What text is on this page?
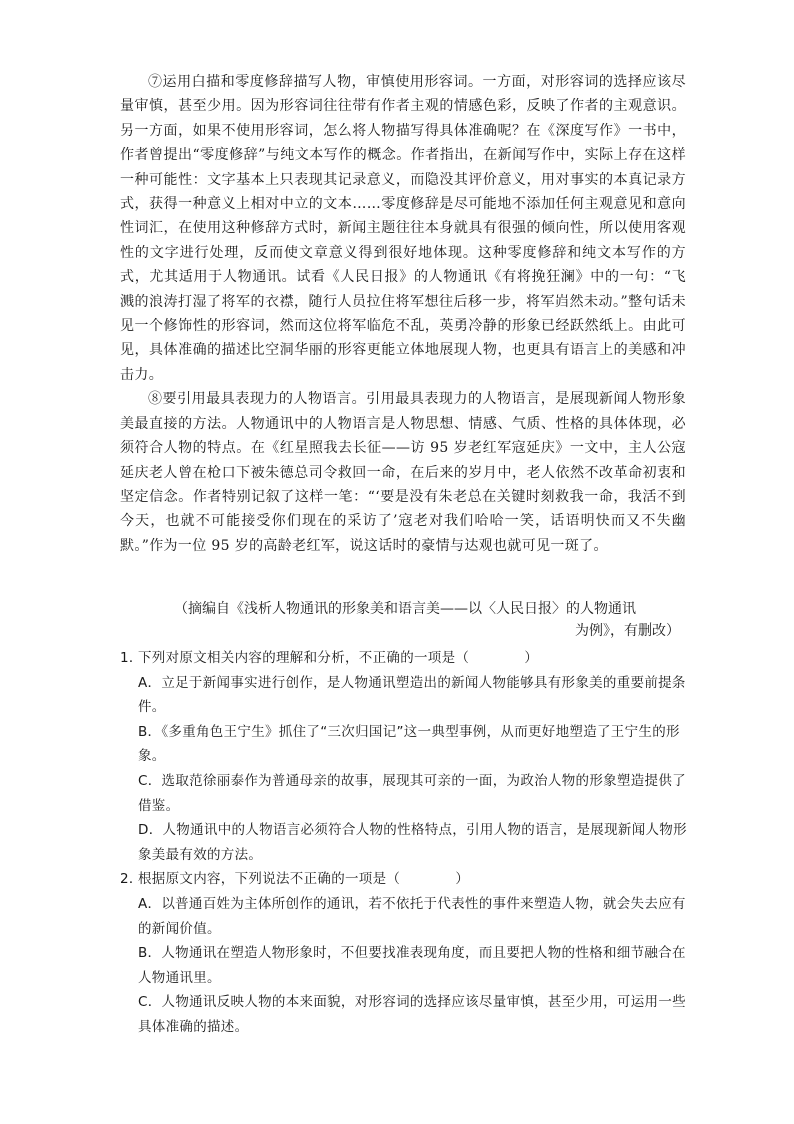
⑦运用白描和零度修辞描写人物，审慎使用形容词。一方面，对形容词的选择应该尽量审慎，甚至少用。因为形容词往往带有作者主观的情感色彩，反映了作者的主观意识。另一方面，如果不使用形容词，怎么将人物描写得具体准确呢？在《深度写作》一书中，作者曾提出“零度修辞”与纯文本写作的概念。作者指出，在新闻写作中，实际上存在这样一种可能性：文字基本上只表现其记录意义，而隐没其评价意义，用对事实的本真记录方式，获得一种意义上相对中立的文本……零度修辞是尽可能地不添加任何主观意见和意向性词汇，在使用这种修辞方式时，新闻主题往往本身就具有很强的倾向性，所以使用客观性的文字进行处理，反而使文章意义得到很好地体现。这种零度修辞和纯文本写作的方式，尤其适用于人物通讯。试看《人民日报》的人物通讯《有将挽狂澜》中的一句：“飞溅的浪涛打湿了将军的衣襟，随行人员拉住将军想往后移一步，将军岿然未动。”整句话未见一个修饰性的形容词，然而这位将军临危不乱，英勇冷静的形象已经跃然纸上。由此可见，具体准确的描述比空洞华丽的形容更能立体地展现人物，也更具有语言上的美感和冲击力。

⑧要引用最具表现力的人物语言。引用最具表现力的人物语言，是展现新闻人物形象美最直接的方法。人物通讯中的人物语言是人物思想、情感、气质、性格的具体体现，必须符合人物的特点。在《红星照我去长征——访 95 岁老红军寇延庆》一文中，主人公寇延庆老人曾在枪口下被朱德总司令救回一命，在后来的岁月中，老人依然不改革命初衷和坚定信念。作者特别记叙了这样一笔：“‘要是没有朱老总在关键时刻救我一命，我活不到今天，也就不可能接受你们现在的采访了’寇老对我们哈哈一笑，话语明快而又不失幽默。”作为一位 95 岁的高龄老红军，说这话时的豪情与达观也就可见一斑了。

（摘编自《浅析人物通讯的形象美和语言美——以〈人民日报〉的人物通讯
为例》，有删改）

1．下列对原文相关内容的理解和分析，不正确的一项是（　　　　）

A．立足于新闻事实进行创作，是人物通讯塑造出的新闻人物能够具有形象美的重要前提条件。

B．《多重角色王宁生》抓住了“三次归国记”这一典型事例，从而更好地塑造了王宁生的形象。

C．选取范徐丽泰作为普通母亲的故事，展现其可亲的一面，为政治人物的形象塑造提供了借鉴。

D．人物通讯中的人物语言必须符合人物的性格特点，引用人物的语言，是展现新闻人物形象美最有效的方法。

2．根据原文内容，下列说法不正确的一项是（　　　　）

A．以普通百姓为主体所创作的通讯，若不依托于代表性的事件来塑造人物，就会失去应有的新闻价值。

B．人物通讯在塑造人物形象时，不但要找准表现角度，而且要把人物的性格和细节融合在人物通讯里。

C．人物通讯反映人物的本来面貌，对形容词的选择应该尽量审慎，甚至少用，可运用一些具体准确的描述。
